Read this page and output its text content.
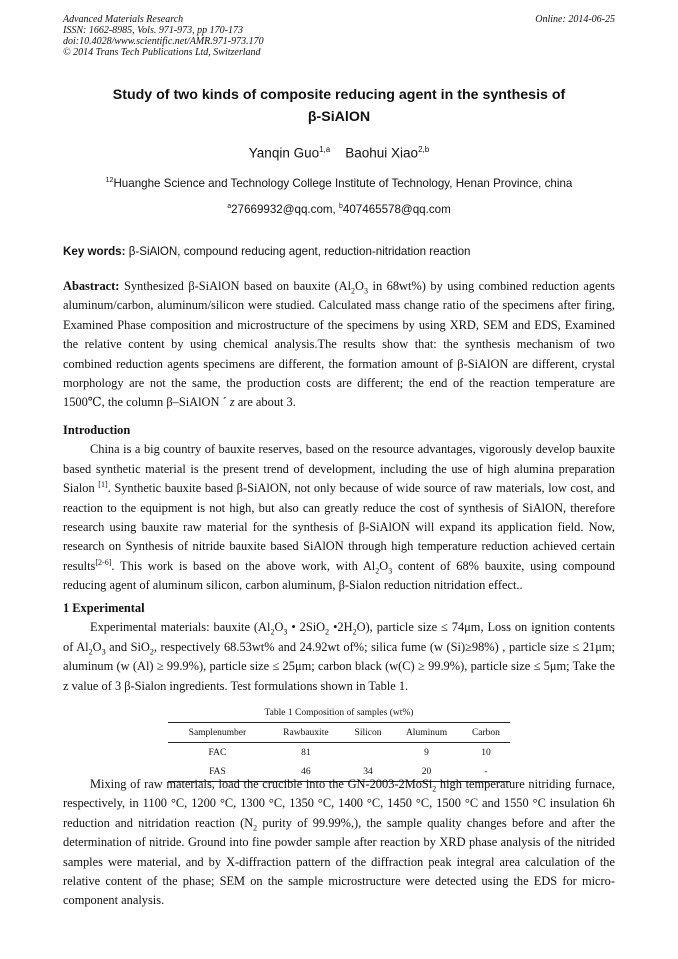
Advanced Materials Research
ISSN: 1662-8985, Vols. 971-973, pp 170-173
doi:10.4028/www.scientific.net/AMR.971-973.170
© 2014 Trans Tech Publications Ltd, Switzerland
Online: 2014-06-25
Study of two kinds of composite reducing agent in the synthesis of
β-SiAlON
Yanqin Guo$^{1,a}$ Baohui Xiao$^{2,b}$
$^{12}$Huanghe Science and Technology College Institute of Technology, Henan Province, china
$^a$27669932@qq.com, $^b$407465578@qq.com
Key words: β-SiAlON, compound reducing agent, reduction-nitridation reaction

Abastract: Synthesized β-SiAlON based on bauxite ($Al_2O_3$ in 68wt%) by using combined reduction agents aluminum/carbon, aluminum/silicon were studied. Calculated mass change ratio of the specimens after firing, Examined Phase composition and microstructure of the specimens by using XRD, SEM and EDS, Examined the relative content by using chemical analysis.The results show that: the synthesis mechanism of two combined reduction agents specimens are different, the formation amount of β-SiAlON are different, crystal morphology are not the same, the production costs are different; the end of the reaction temperature are 1500℃, the column β–SiAlON ´ z are about 3.

Introduction

China is a big country of bauxite reserves, based on the resource advantages, vigorously develop bauxite based synthetic material is the present trend of development, including the use of high alumina preparation Sialon [1]. Synthetic bauxite based β-SiAlON, not only because of wide source of raw materials, low cost, and reaction to the equipment is not high, but also can greatly reduce the cost of synthesis of SiAlON, therefore research using bauxite raw material for the synthesis of β-SiAlON will expand its application field. Now, research on Synthesis of nitride bauxite based SiAlON through high temperature reduction achieved certain results[2-6]. This work is based on the above work, with $Al_2O_3$ content of 68% bauxite, using compound reducing agent of aluminum silicon, carbon aluminum, β-Sialon reduction nitridation effect..

1 Experimental

Experimental materials: bauxite ($Al_2O_3$ • 2SiO$_2$ $•2H_2O$), particle size ≤ 74μm, Loss on ignition contents of $Al_2O_3$ and SiO$_2$, respectively 68.53wt% and 24.92wt of%; silica fume (w (Si)≥98%) , particle size ≤ 21μm; aluminum (w (Al) ≥ 99.9%), particle size ≤ 25μm; carbon black (w(C) ≥ 99.9%), particle size ≤ 5μm; Take the z value of 3 β-Sialon ingredients. Test formulations shown in Table 1.

Table 1 Composition of samples (wt%)
Samplenumber	Rawbauxite	Silicon	Aluminum	Carbon
FAC	81		9	10
FAS	46	34	20	-

Mixing of raw materials, load the crucible into the GN-2003-2MoSi$_2$ high temperature nitriding furnace, respectively, in 1100 °C, 1200 °C, 1300 °C, 1350 °C, 1400 °C, 1450 °C, 1500 °C and 1550 °C insulation 6h reduction and nitridation reaction ($N_2$ purity of 99.99%,), the sample quality changes before and after the determination of nitride. Ground into fine powder sample after reaction by XRD phase analysis of the nitrided samples were material, and by X-diffraction pattern of the diffraction peak integral area calculation of the relative content of the phase; SEM on the sample microstructure were detected using the EDS for micro-component analysis.
